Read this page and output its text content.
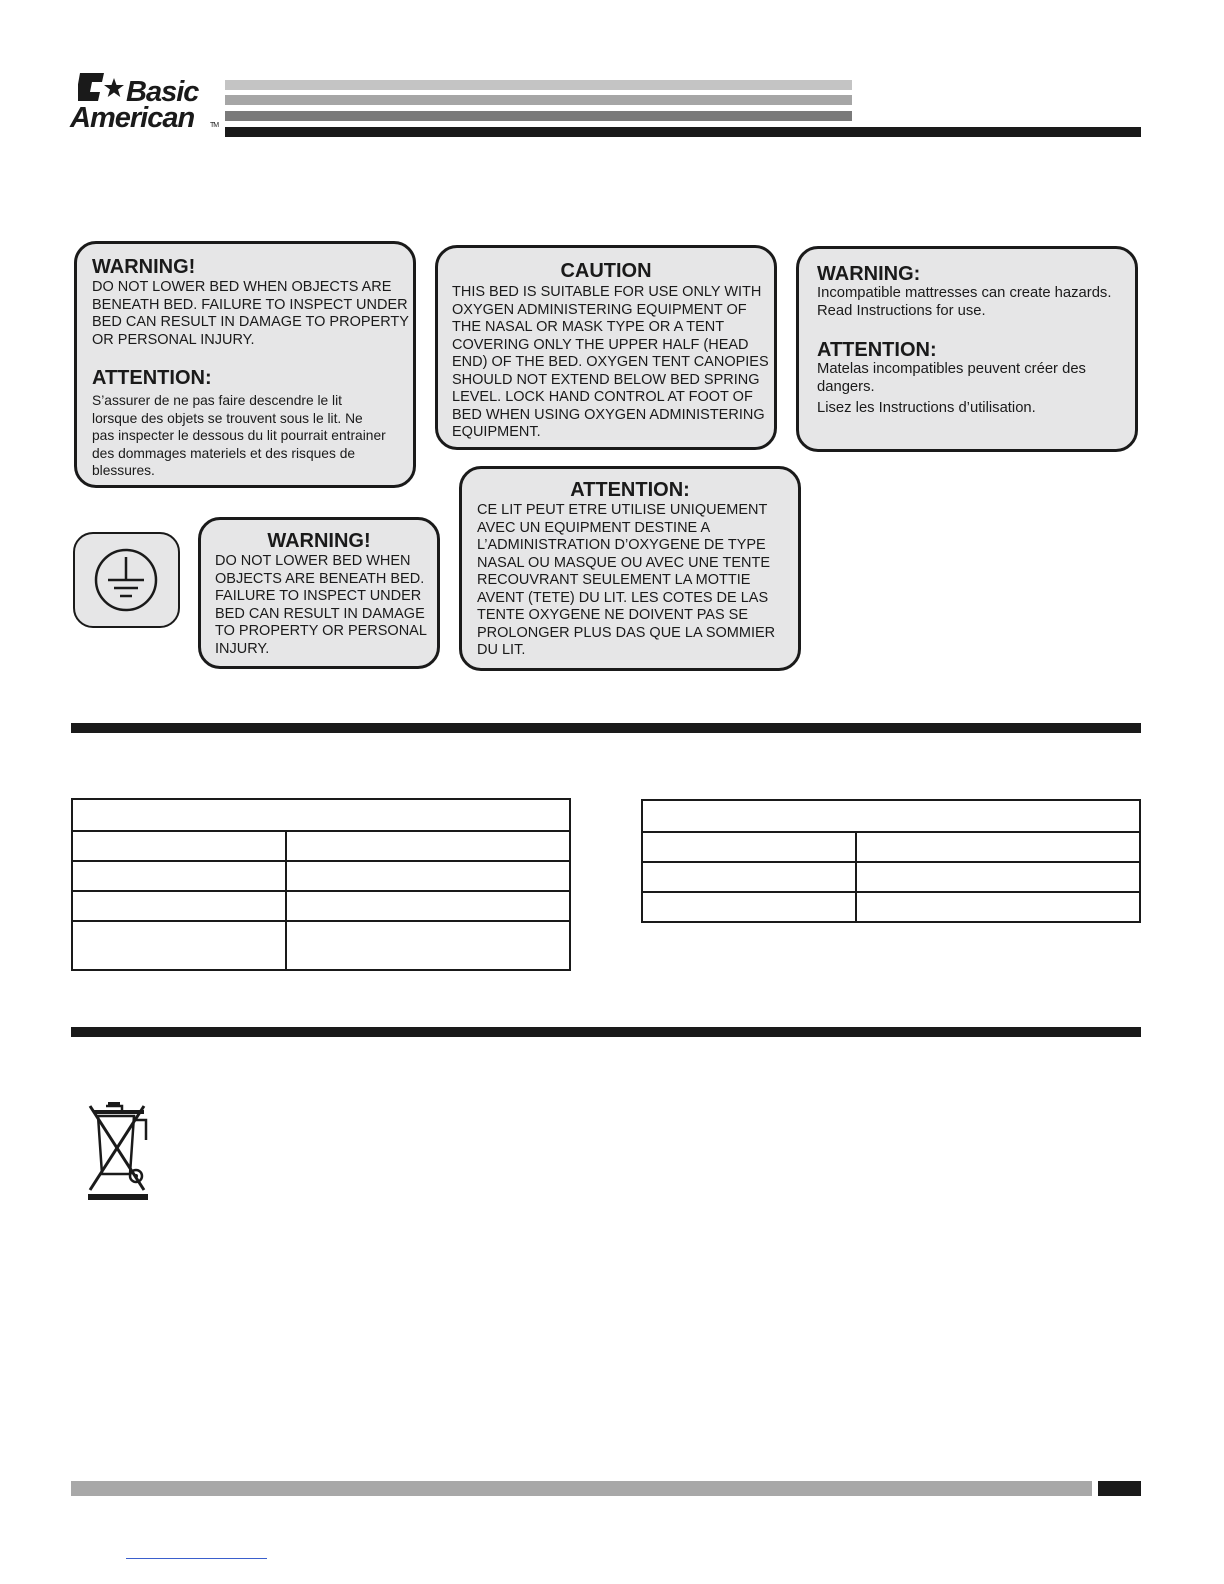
Basic
American TM
WARNING!
DO NOT LOWER BED WHEN OBJECTS ARE
BENEATH BED. FAILURE TO INSPECT UNDER
BED CAN RESULT IN DAMAGE TO PROPERTY
OR PERSONAL INJURY.
ATTENTION:
S’assurer de ne pas faire descendre le lit
lorsque des objets se trouvent sous le lit. Ne
pas inspecter le dessous du lit pourrait entrainer
des dommages materiels et des risques de
blessures.
CAUTION
THIS BED IS SUITABLE FOR USE ONLY WITH
OXYGEN ADMINISTERING EQUIPMENT OF
THE NASAL OR MASK TYPE OR A TENT
COVERING ONLY THE UPPER HALF (HEAD
END) OF THE BED. OXYGEN TENT CANOPIES
SHOULD NOT EXTEND BELOW BED SPRING
LEVEL. LOCK HAND CONTROL AT FOOT OF
BED WHEN USING OXYGEN ADMINISTERING
EQUIPMENT.
WARNING:
Incompatible mattresses can create hazards.
Read Instructions for use.
ATTENTION:
Matelas incompatibles peuvent créer des
dangers.
Lisez les Instructions d’utilisation.
WARNING!
DO NOT LOWER BED WHEN
OBJECTS ARE BENEATH BED.
FAILURE TO INSPECT UNDER
BED CAN RESULT IN DAMAGE
TO PROPERTY OR PERSONAL
INJURY.
ATTENTION:
CE LIT PEUT ETRE UTILISE UNIQUEMENT
AVEC UN EQUIPMENT DESTINE A
L’ADMINISTRATION D’OXYGENE DE TYPE
NASAL OU MASQUE OU AVEC UNE TENTE
RECOUVRANT SEULEMENT LA MOTTIE
AVENT (TETE) DU LIT. LES COTES DE LAS
TENTE OXYGENE NE DOIVENT PAS SE
PROLONGER PLUS DAS QUE LA SOMMIER
DU LIT.
